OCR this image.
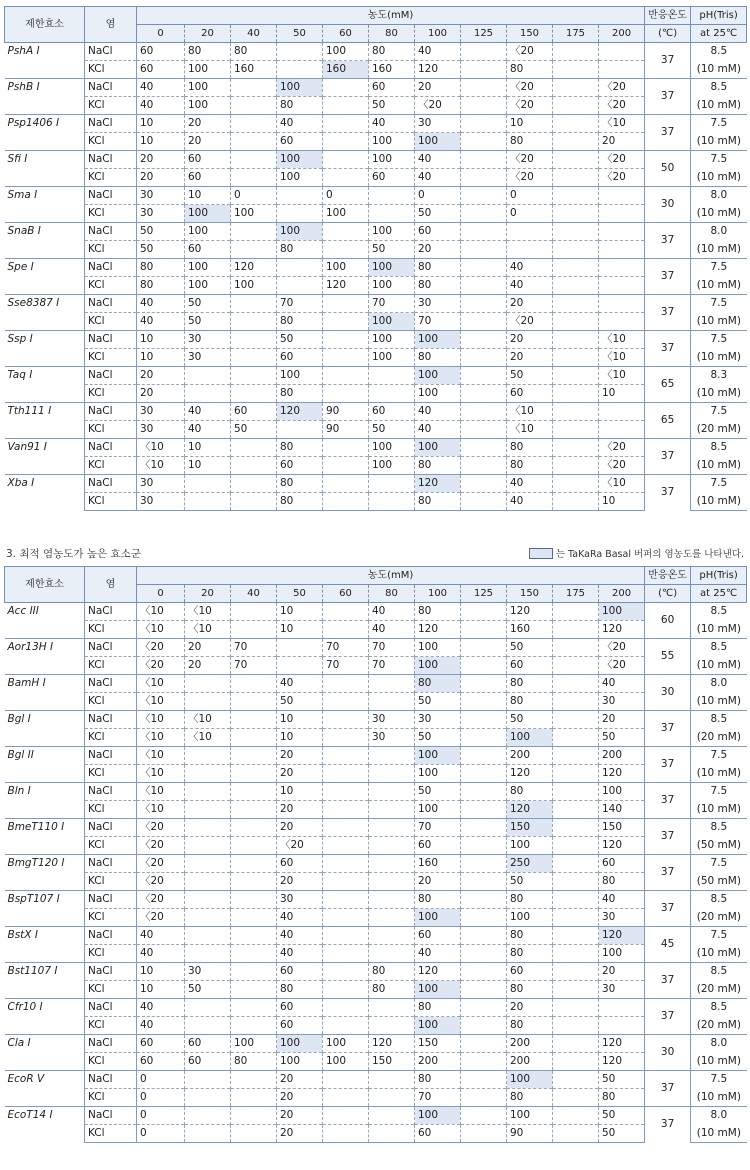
제한효소	염	농도(mM)											반응온도	pH(Tris)
		0	20	40	50	60	80	100	125	150	175	200	(℃)	at 25℃
PshA I	NaCl	60	80	80		100	80	40		〈20			37	8.5
	KCl	60	100	160		160	160	120		80				(10 mM)
PshB I	NaCl	40	100		100		60	20		〈20		〈20	37	8.5
	KCl	40	100		80		50	〈20		〈20		〈20		(10 mM)
Psp1406 I	NaCl	10	20		40		40	30		10		〈10	37	7.5
	KCl	10	20		60		100	100		80		20		(10 mM)
Sfi I	NaCl	20	60		100		100	40		〈20		〈20	50	7.5
	KCl	20	60		100		60	40		〈20		〈20		(10 mM)
Sma I	NaCl	30	10	0		0		0		0			30	8.0
	KCl	30	100	100		100		50		0				(10 mM)
SnaB I	NaCl	50	100		100		100	60					37	8.0
	KCl	50	60		80		50	20						(10 mM)
Spe I	NaCl	80	100	120		100	100	80		40			37	7.5
	KCl	80	100	100		120	100	80		40				(10 mM)
Sse8387 I	NaCl	40	50		70		70	30		20			37	7.5
	KCl	40	50		80		100	70		〈20				(10 mM)
Ssp I	NaCl	10	30		50		100	100		20		〈10	37	7.5
	KCl	10	30		60		100	80		20		〈10		(10 mM)
Taq I	NaCl	20			100			100		50		〈10	65	8.3
	KCl	20			80			100		60		10		(10 mM)
Tth111 I	NaCl	30	40	60	120	90	60	40		〈10			65	7.5
	KCl	30	40	50		90	50	40		〈10				(20 mM)
Van91 I	NaCl	〈10	10		80		100	100		80		〈20	37	8.5
	KCl	〈10	10		60		100	80		80		〈20		(10 mM)
Xba I	NaCl	30			80			120		40		〈10	37	7.5
	KCl	30			80			80		40		10		(10 mM)
3. 최적 염농도가 높은 효소군	는 TaKaRa Basal 버퍼의 염농도를 나타낸다.
제한효소	염	농도(mM)											반응온도	pH(Tris)
		0	20	40	50	60	80	100	125	150	175	200	(℃)	at 25℃
Acc III	NaCl	〈10	〈10		10		40	80		120		100	60	8.5
	KCl	〈10	〈10		10		40	120		160		120		(10 mM)
Aor13H I	NaCl	〈20	20	70		70	70	100		50		〈20	55	8.5
	KCl	〈20	20	70		70	70	100		60		〈20		(10 mM)
BamH I	NaCl	〈10			40			80		80		40	30	8.0
	KCl	〈10			50			50		80		30		(10 mM)
Bgl I	NaCl	〈10	〈10		10		30	30		50		20	37	8.5
	KCl	〈10	〈10		10		30	50		100		50		(20 mM)
Bgl II	NaCl	〈10			20			100		200		200	37	7.5
	KCl	〈10			20			100		120		120		(10 mM)
Bln I	NaCl	〈10			10			50		80		100	37	7.5
	KCl	〈10			20			100		120		140		(10 mM)
BmeT110 I	NaCl	〈20			20			70		150		150	37	8.5
	KCl	〈20			〈20			60		100		120		(50 mM)
BmgT120 I	NaCl	〈20			60			160		250		60	37	7.5
	KCl	〈20			20			20		50		80		(50 mM)
BspT107 I	NaCl	〈20			30			80		80		40	37	8.5
	KCl	〈20			40			100		100		30		(20 mM)
BstX I	NaCl	40			40			60		80		120	45	7.5
	KCl	40			40			40		80		100		(10 mM)
Bst1107 I	NaCl	10	30		60		80	120		60		20	37	8.5
	KCl	10	50		80		80	100		80		30		(20 mM)
Cfr10 I	NaCl	40			60			80		20			37	8.5
	KCl	40			60			100		80				(20 mM)
Cla I	NaCl	60	60	100	100	100	120	150		200		120	30	8.0
	KCl	60	60	80	100	100	150	200		200		120		(10 mM)
EcoR V	NaCl	0			20			80		100		50	37	7.5
	KCl	0			20			70		80		80		(10 mM)
EcoT14 I	NaCl	0			20			100		100		50	37	8.0
	KCl	0			20			60		90		50		(10 mM)
